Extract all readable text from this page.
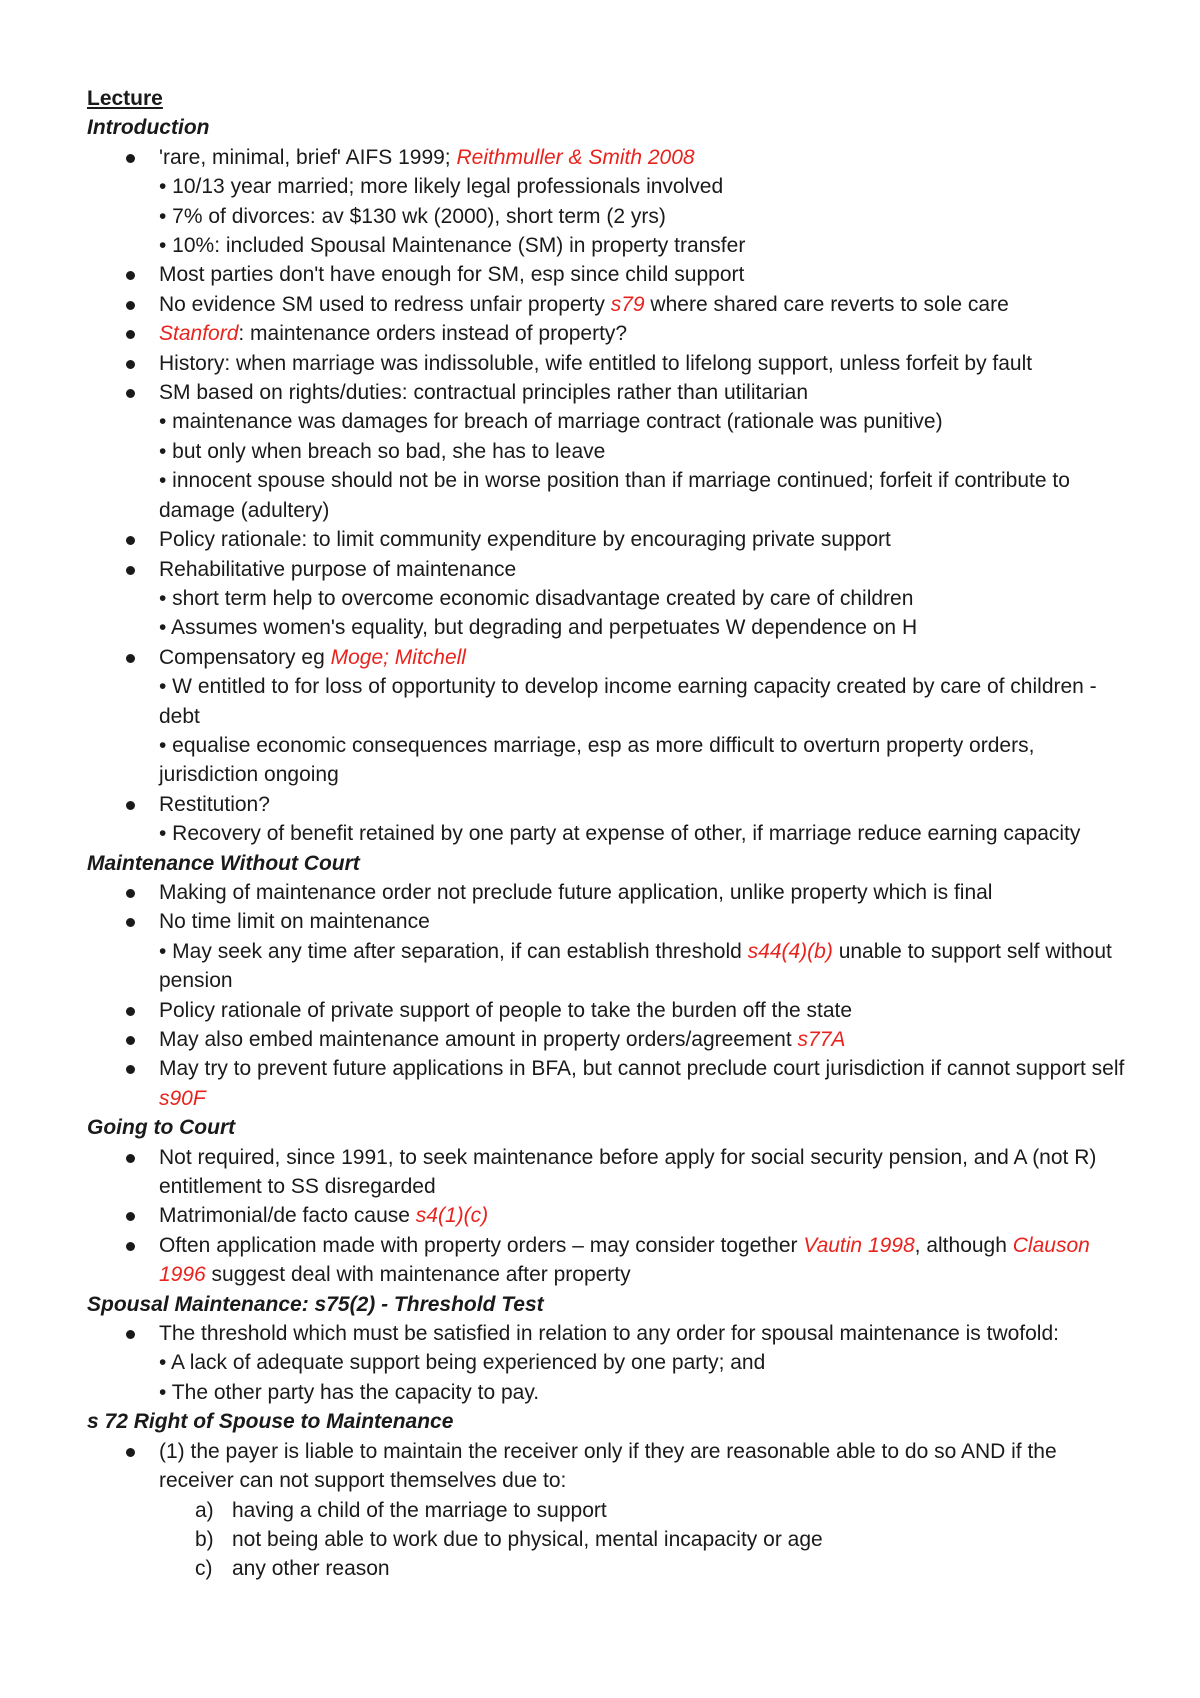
Lecture
Introduction
'rare, minimal, brief' AIFS 1999; Reithmuller & Smith 2008
• 10/13 year married; more likely legal professionals involved
• 7% of divorces: av $130 wk (2000), short term (2 yrs)
• 10%: included Spousal Maintenance (SM) in property transfer
Most parties don't have enough for SM, esp since child support
No evidence SM used to redress unfair property s79 where shared care reverts to sole care
Stanford: maintenance orders instead of property?
History: when marriage was indissoluble, wife entitled to lifelong support, unless forfeit by fault
SM based on rights/duties: contractual principles rather than utilitarian
• maintenance was damages for breach of marriage contract (rationale was punitive)
• but only when breach so bad, she has to leave
• innocent spouse should not be in worse position than if marriage continued; forfeit if contribute to damage (adultery)
Policy rationale: to limit community expenditure by encouraging private support
Rehabilitative purpose of maintenance
• short term help to overcome economic disadvantage created by care of children
• Assumes women's equality, but degrading and perpetuates W dependence on H
Compensatory eg Moge; Mitchell
• W entitled to for loss of opportunity to develop income earning capacity created by care of children - debt
• equalise economic consequences marriage, esp as more difficult to overturn property orders, jurisdiction ongoing
Restitution?
• Recovery of benefit retained by one party at expense of other, if marriage reduce earning capacity
Maintenance Without Court
Making of maintenance order not preclude future application, unlike property which is final
No time limit on maintenance
• May seek any time after separation, if can establish threshold s44(4)(b) unable to support self without pension
Policy rationale of private support of people to take the burden off the state
May also embed maintenance amount in property orders/agreement s77A
May try to prevent future applications in BFA, but cannot preclude court jurisdiction if cannot support self s90F
Going to Court
Not required, since 1991, to seek maintenance before apply for social security pension, and A (not R) entitlement to SS disregarded
Matrimonial/de facto cause s4(1)(c)
Often application made with property orders – may consider together Vautin 1998, although Clauson 1996 suggest deal with maintenance after property
Spousal Maintenance: s75(2) - Threshold Test
The threshold which must be satisfied in relation to any order for spousal maintenance is twofold:
• A lack of adequate support being experienced by one party; and
• The other party has the capacity to pay.
s 72 Right of Spouse to Maintenance
(1) the payer is liable to maintain the receiver only if they are reasonable able to do so AND if the receiver can not support themselves due to:
a) having a child of the marriage to support
b) not being able to work due to physical, mental incapacity or age
c) any other reason
